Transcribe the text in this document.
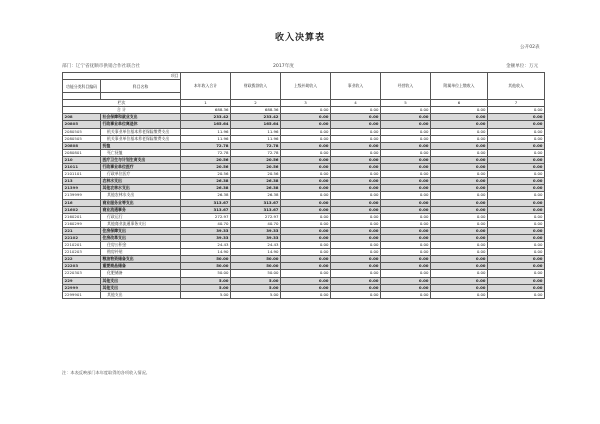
收入决算表
公开02表
部门：辽宁省抚顺市供销合作社联合社	2017年度	金额单位：万元
项目		本年收入合计	财政拨款收入	上级补助收入	事业收入	经营收入	附属单位上缴收入	其他收入
功能分类科目编码	科目名称							

栏次		1	2	3	4	5	6	7
合 计		688.36	688.36	0.00	0.00	0.00	0.00	0.00
208	社会保障和就业支出	233.42	233.42	0.00	0.00	0.00	0.00	0.00
20805	行政事业单位离退休	165.64	165.64	0.00	0.00	0.00	0.00	0.00
2080505	机关事业单位基本养老保险缴费支出	11.96	11.96	0.00	0.00	0.00	0.00	0.00
2080505	机关事业单位基本养老保险缴费支出	11.96	11.96	0.00	0.00	0.00	0.00	0.00
20808	抚恤	72.78	72.78	0.00	0.00	0.00	0.00	0.00
2080801	死亡抚恤	72.78	72.78	0.00	0.00	0.00	0.00	0.00
210	医疗卫生与计划生育支出	20.56	20.56	0.00	0.00	0.00	0.00	0.00
21011	行政事业单位医疗	20.56	20.56	0.00	0.00	0.00	0.00	0.00
2101101	行政单位医疗	20.56	20.56	0.00	0.00	0.00	0.00	0.00
213	农林水支出	26.38	26.38	0.00	0.00	0.00	0.00	0.00
21399	其他农林水支出	26.38	26.38	0.00	0.00	0.00	0.00	0.00
2139999	其他农林水支出	26.38	26.38	0.00	0.00	0.00	0.00	0.00
216	商业服务业等支出	313.67	313.67	0.00	0.00	0.00	0.00	0.00
21602	商业流通事务	313.67	313.67	0.00	0.00	0.00	0.00	0.00
2160201	行政运行	272.97	272.97	0.00	0.00	0.00	0.00	0.00
2160299	其他商业流通事务支出	40.70	40.70	0.00	0.00	0.00	0.00	0.00
221	住房保障支出	39.33	39.33	0.00	0.00	0.00	0.00	0.00
22102	住房改革支出	39.33	39.33	0.00	0.00	0.00	0.00	0.00
2210201	住房公积金	24.43	24.43	0.00	0.00	0.00	0.00	0.00
2210203	购房补贴	14.90	14.90	0.00	0.00	0.00	0.00	0.00
222	粮油物资储备支出	50.00	50.00	0.00	0.00	0.00	0.00	0.00
22203	重要商品储备	50.00	50.00	0.00	0.00	0.00	0.00	0.00
2220303	化肥储备	50.00	50.00	0.00	0.00	0.00	0.00	0.00
229	其他支出	5.00	5.00	0.00	0.00	0.00	0.00	0.00
22999	其他支出	5.00	5.00	0.00	0.00	0.00	0.00	0.00
2299901	其他支出	5.00	5.00	0.00	0.00	0.00	0.00	0.00
注：本表反映部门本年度取得的各项收入情况。
